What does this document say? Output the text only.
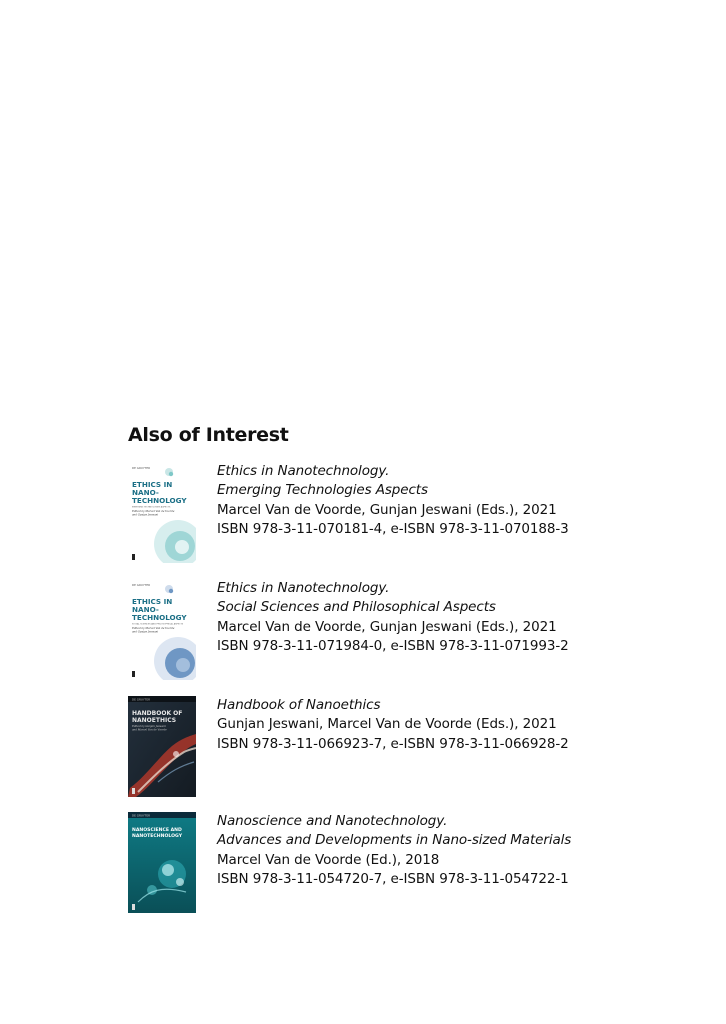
Also of Interest
DE GRUYTER
ETHICS IN
NANO-
TECHNOLOGY
EMERGING TECHNOLOGIES ASPECTS
Edited by Marcel Van de Voorde
and Gunjan Jeswani
Ethics in Nanotechnology.
Emerging Technologies Aspects
Marcel Van de Voorde, Gunjan Jeswani (Eds.), 2021
ISBN 978-3-11-070181-4, e-ISBN 978-3-11-070188-3
DE GRUYTER
ETHICS IN
NANO-
TECHNOLOGY
SOCIAL SCIENCES AND PHILOSOPHICAL ASPECTS
Edited by Marcel Van de Voorde
and Gunjan Jeswani
Ethics in Nanotechnology.
Social Sciences and Philosophical Aspects
Marcel Van de Voorde, Gunjan Jeswani (Eds.), 2021
ISBN 978-3-11-071984-0, e-ISBN 978-3-11-071993-2
DE GRUYTER
HANDBOOK OF
NANOETHICS
Edited by Gunjan Jeswani
and Marcel Van de Voorde
Handbook of Nanoethics
Gunjan Jeswani, Marcel Van de Voorde (Eds.), 2021
ISBN 978-3-11-066923-7, e-ISBN 978-3-11-066928-2
DE GRUYTER
NANOSCIENCE AND
NANOTECHNOLOGY
Nanoscience and Nanotechnology.
Advances and Developments in Nano-sized Materials
Marcel Van de Voorde (Ed.), 2018
ISBN 978-3-11-054720-7, e-ISBN 978-3-11-054722-1
